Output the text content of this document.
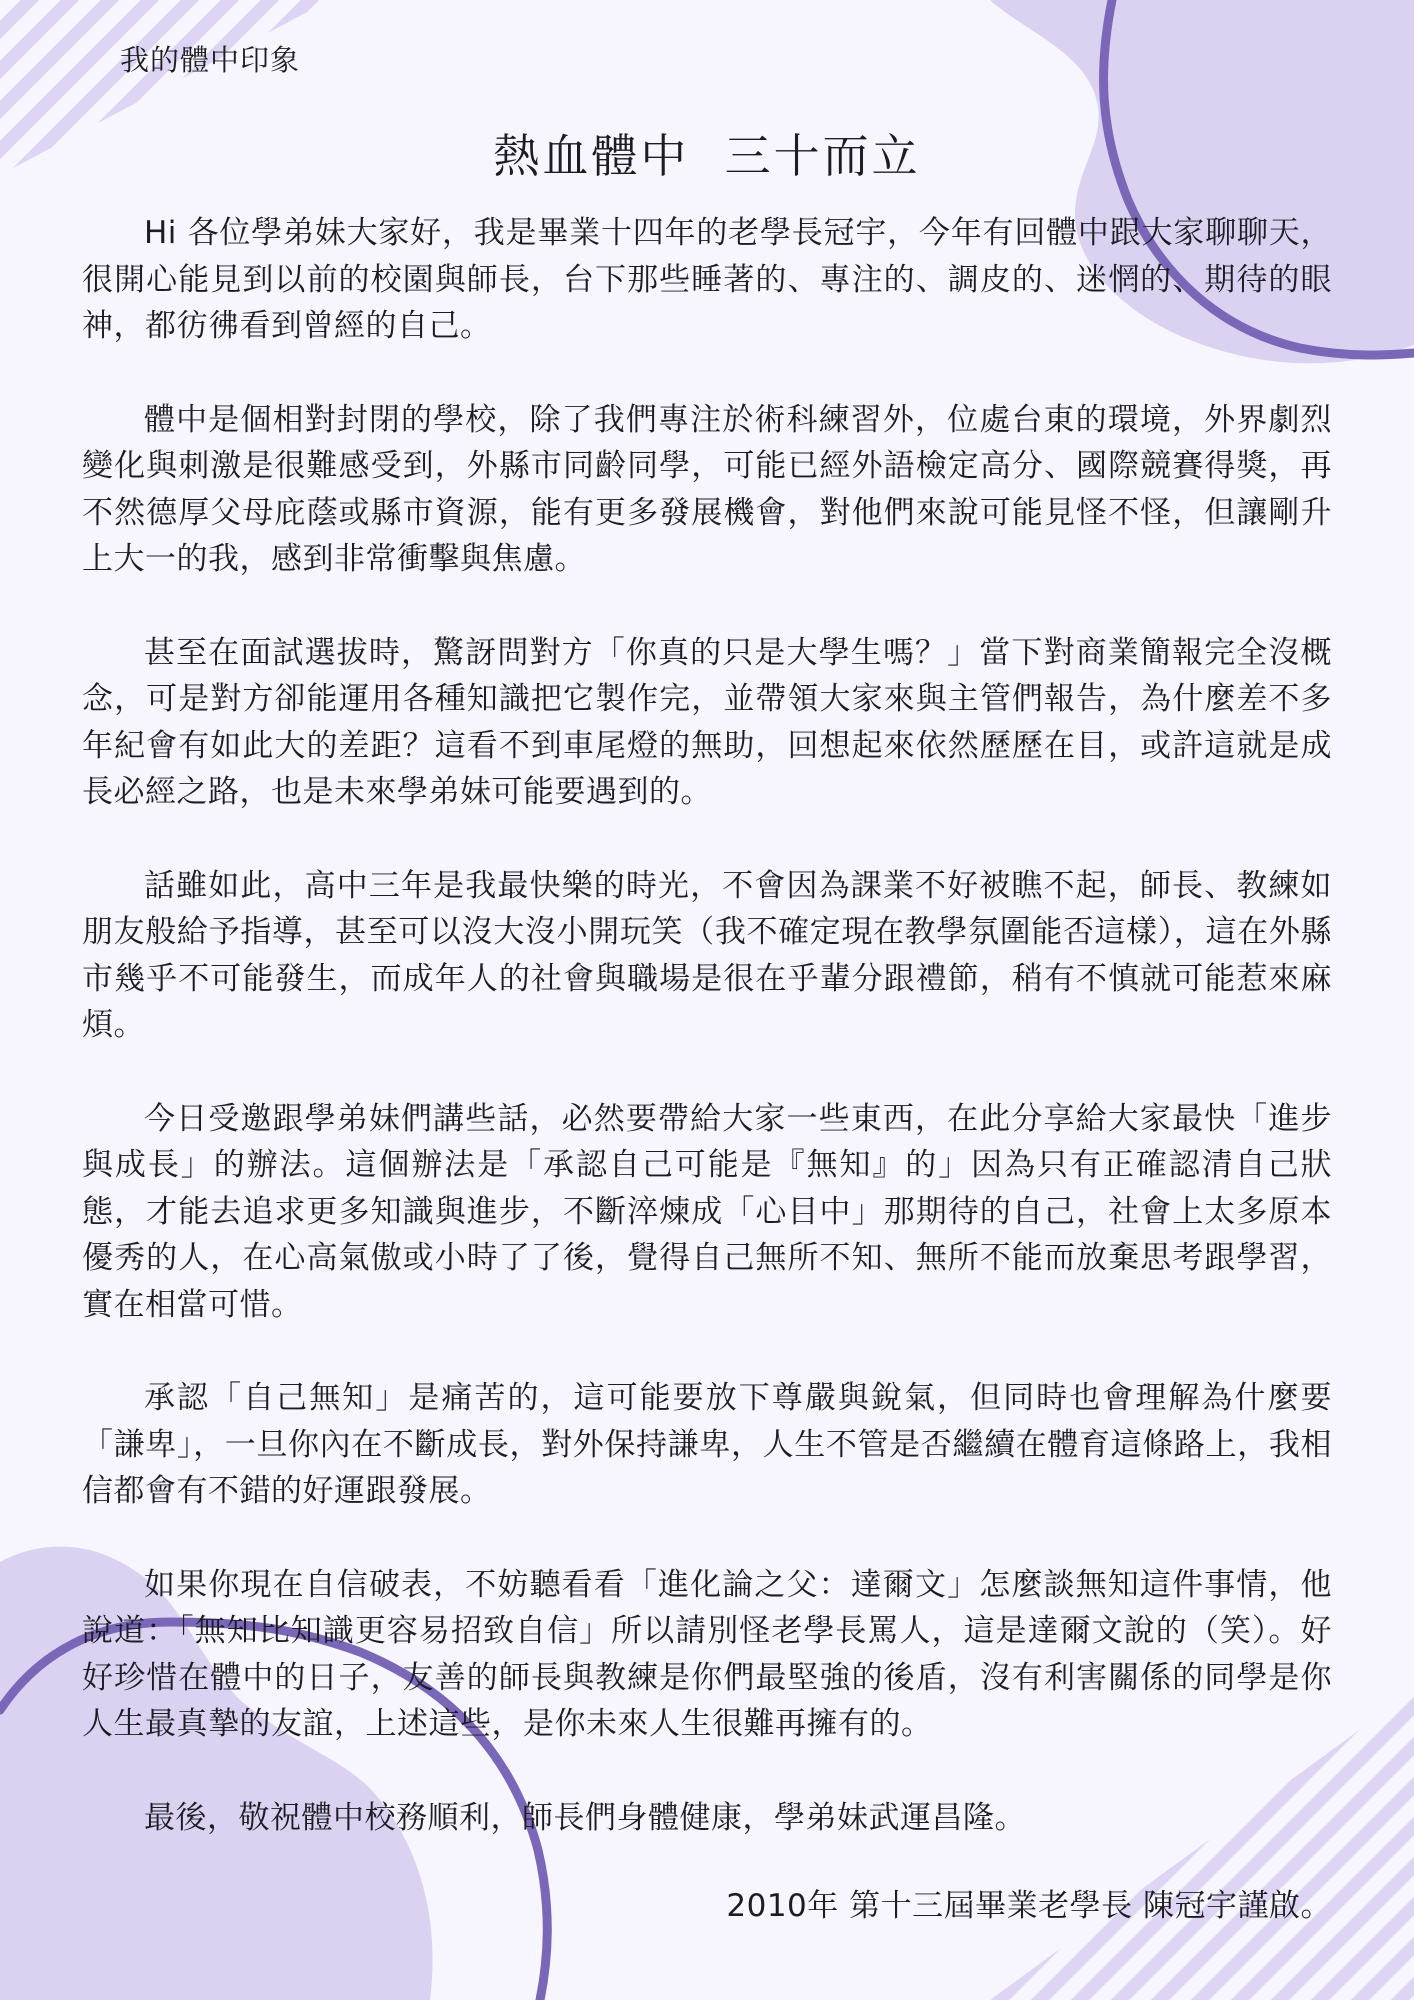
我的體中印象
熱血體中  三十而立

Hi 各位學弟妹大家好，我是畢業十四年的老學長冠宇，今年有回體中跟大家聊聊天，很開心能見到以前的校園與師長，台下那些睡著的、專注的、調皮的、迷惘的、期待的眼神，都彷彿看到曾經的自己。

體中是個相對封閉的學校，除了我們專注於術科練習外，位處台東的環境，外界劇烈變化與刺激是很難感受到，外縣市同齡同學，可能已經外語檢定高分、國際競賽得獎，再不然德厚父母庇蔭或縣市資源，能有更多發展機會，對他們來說可能見怪不怪，但讓剛升上大一的我，感到非常衝擊與焦慮。

甚至在面試選拔時，驚訝問對方「你真的只是大學生嗎？」當下對商業簡報完全沒概念，可是對方卻能運用各種知識把它製作完，並帶領大家來與主管們報告，為什麼差不多年紀會有如此大的差距？這看不到車尾燈的無助，回想起來依然歷歷在目，或許這就是成長必經之路，也是未來學弟妹可能要遇到的。

話雖如此，高中三年是我最快樂的時光，不會因為課業不好被瞧不起，師長、教練如朋友般給予指導，甚至可以沒大沒小開玩笑（我不確定現在教學氛圍能否這樣），這在外縣市幾乎不可能發生，而成年人的社會與職場是很在乎輩分跟禮節，稍有不慎就可能惹來麻煩。

今日受邀跟學弟妹們講些話，必然要帶給大家一些東西，在此分享給大家最快「進步與成長」的辦法。這個辦法是「承認自己可能是『無知』的」因為只有正確認清自己狀態，才能去追求更多知識與進步，不斷淬煉成「心目中」那期待的自己，社會上太多原本優秀的人，在心高氣傲或小時了了後，覺得自己無所不知、無所不能而放棄思考跟學習，實在相當可惜。

承認「自己無知」是痛苦的，這可能要放下尊嚴與銳氣，但同時也會理解為什麼要「謙卑」，一旦你內在不斷成長，對外保持謙卑，人生不管是否繼續在體育這條路上，我相信都會有不錯的好運跟發展。

如果你現在自信破表，不妨聽看看「進化論之父：達爾文」怎麼談無知這件事情，他說道：「無知比知識更容易招致自信」所以請別怪老學長罵人，這是達爾文說的（笑）。好好珍惜在體中的日子，友善的師長與教練是你們最堅強的後盾，沒有利害關係的同學是你人生最真摯的友誼，上述這些，是你未來人生很難再擁有的。

最後，敬祝體中校務順利，師長們身體健康，學弟妹武運昌隆。

2010年 第十三屆畢業老學長 陳冠宇謹啟。
